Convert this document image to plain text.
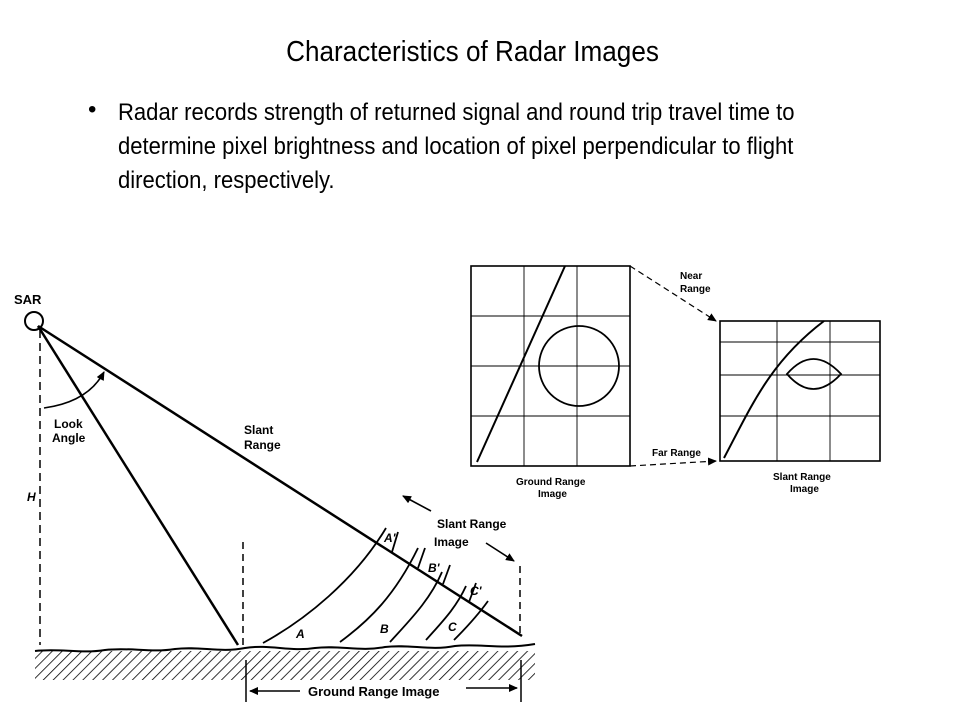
Characteristics of Radar Images
• Radar records strength of returned signal and round trip travel time to determine pixel brightness and location of pixel perpendicular to flight direction, respectively.
SAR
H
Look
Angle
Slant
Range
A'
B'
C'
A	B	C
Slant Range
Image
Ground Range Image
Ground Range
Image
Slant Range
Image
Near
Range
Far Range
